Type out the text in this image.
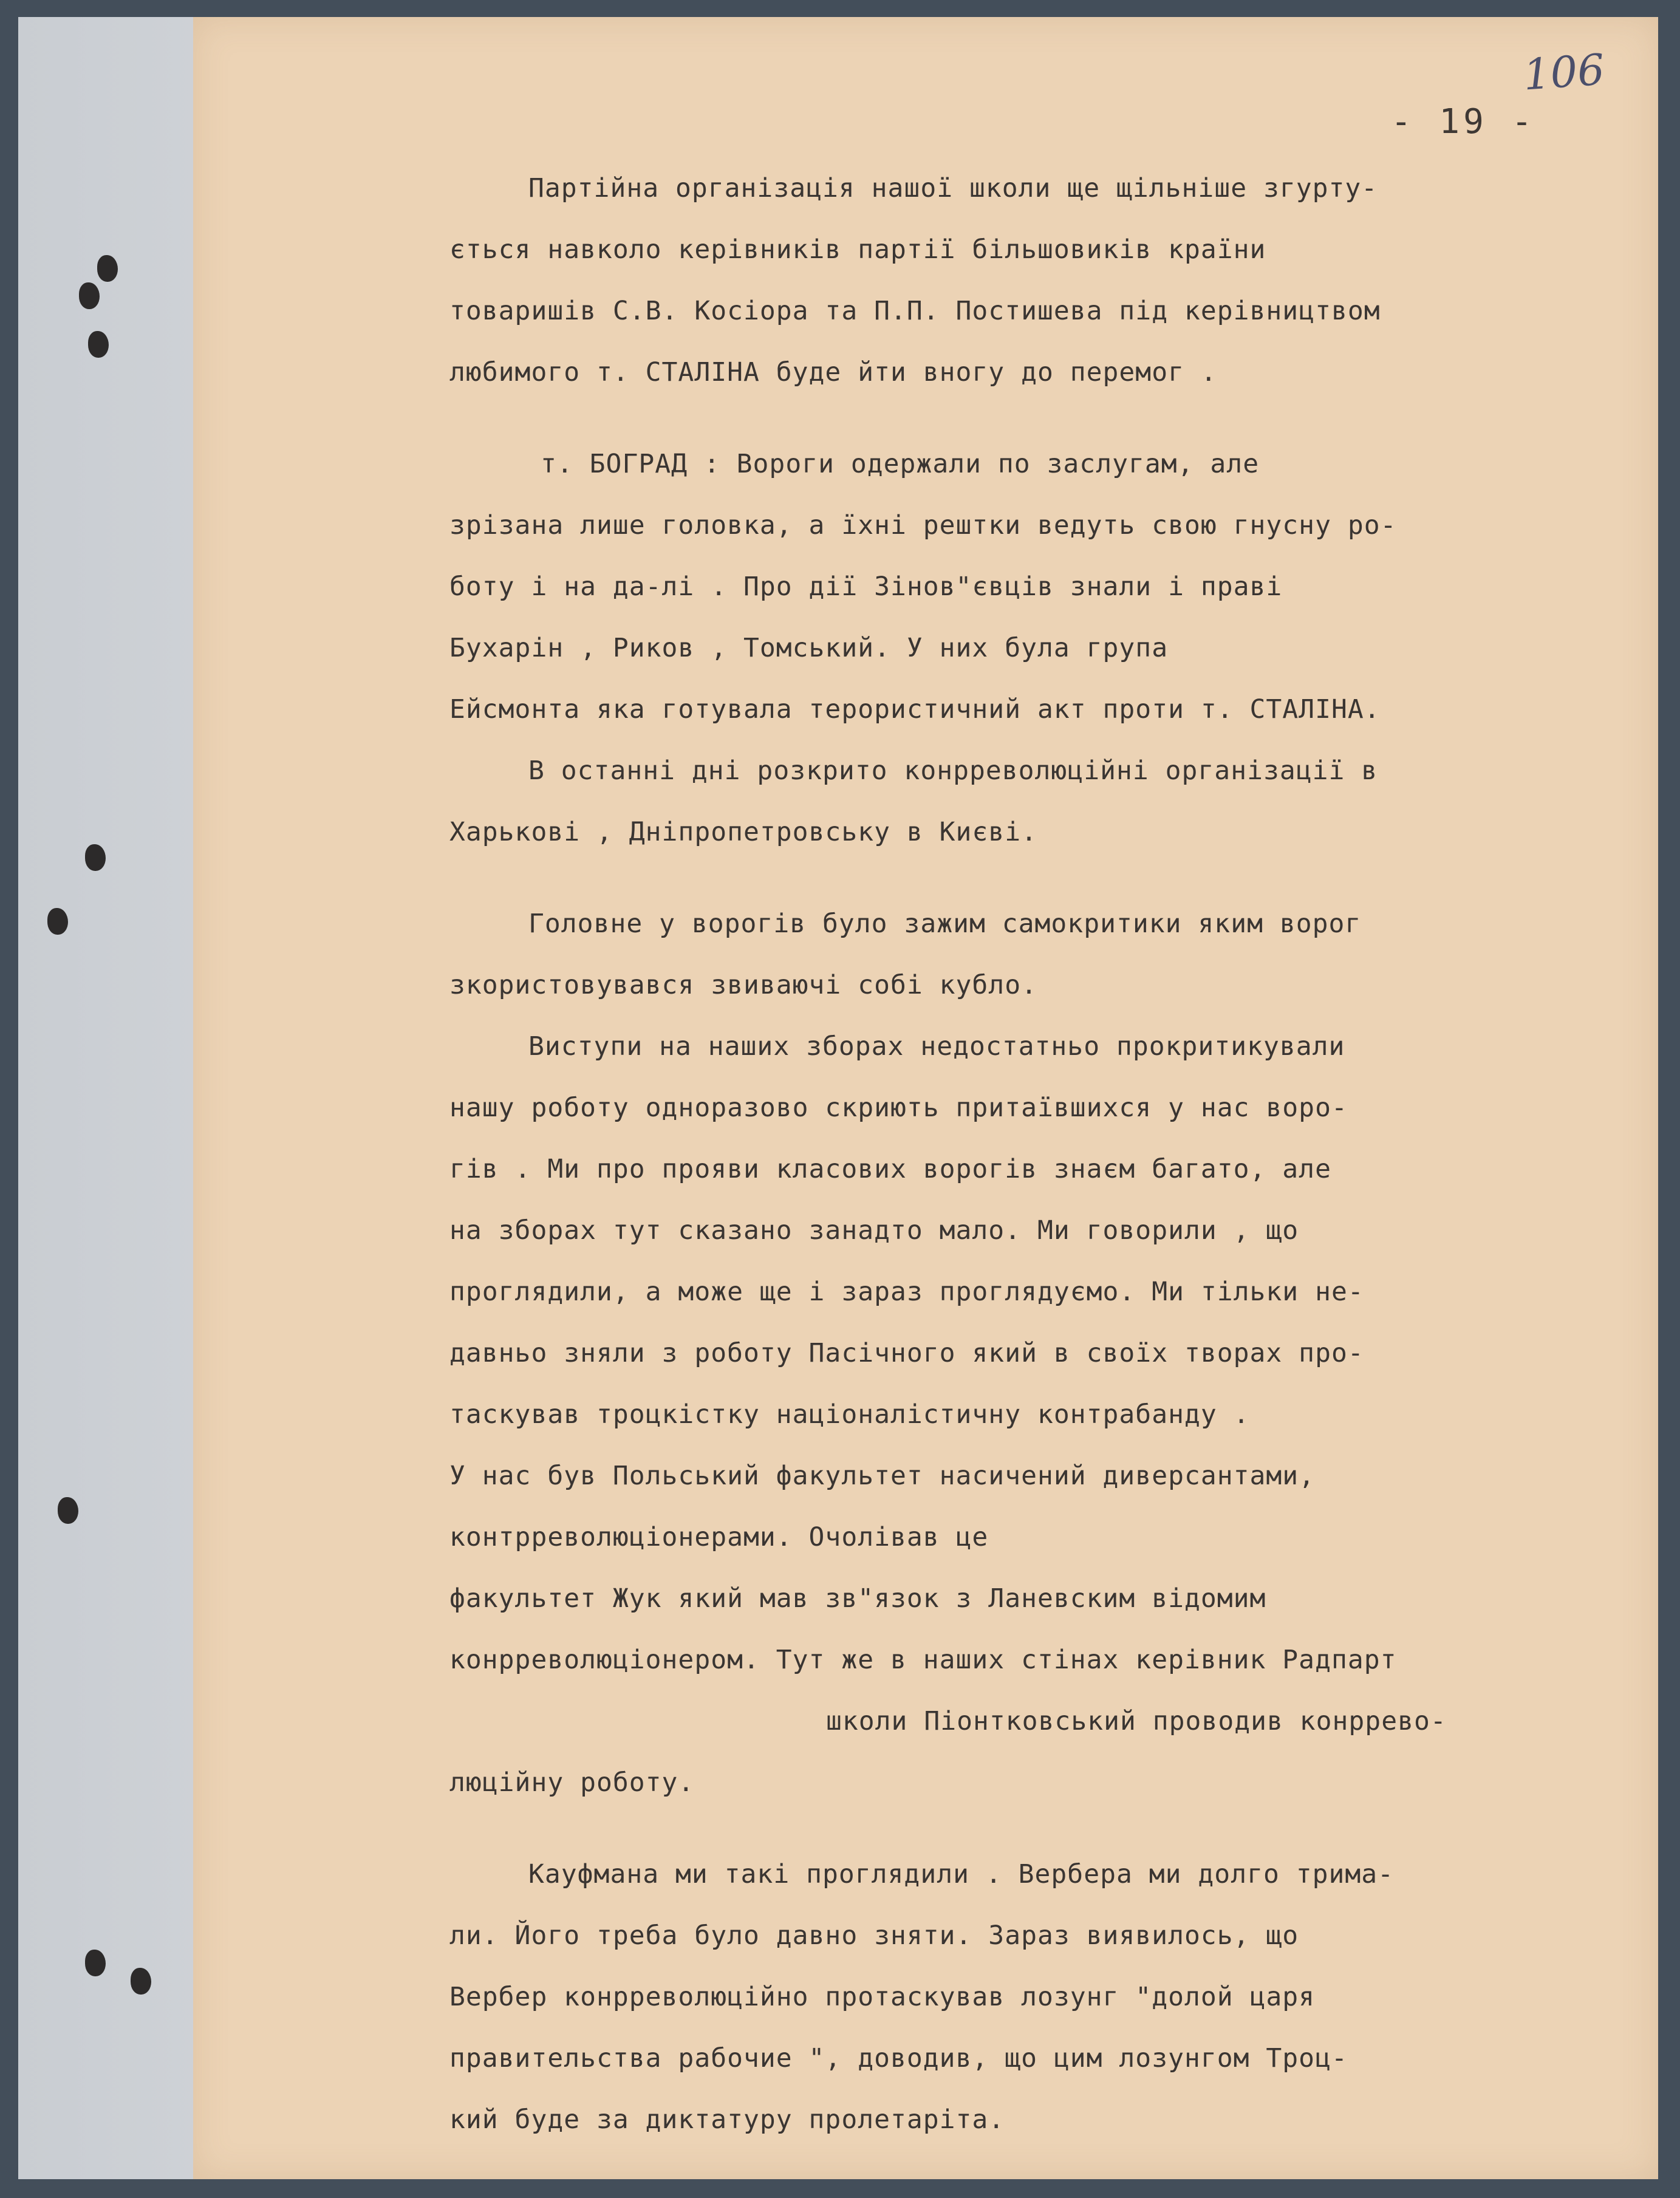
106
- 19 -
Партійна організація нашої школи ще щільніше згурту-
ється навколо керівників партії більшовиків країни
товаришів С.В. Косіора та П.П. Постишева під керівництвом
любимого т. СТАЛІНА буде йти вногу до перемог .
т. БОГРАД : Вороги одержали по заслугам, але
зрізана лише головка, а їхні рештки ведуть свою гнусну ро-
боту і на да-лі . Про дії Зінов"євців знали і праві
Бухарін , Риков , Томський. У них була група
Ейсмонта яка готувала терористичний акт проти т. СТАЛІНА.
В останні дні розкрито конрреволюційні організації в
Харькові , Дніпропетровську в Києві.
Головне у ворогів було зажим самокритики яким ворог
зкористовувався звиваючі собі кубло.
Виступи на наших зборах недостатньо прокритикували
нашу роботу одноразово скриють притаївшихся у нас воро-
гів . Ми про прояви класових ворогів знаєм багато, але
на зборах тут сказано занадто мало. Ми говорили , що
проглядили, а може ще і зараз проглядуємо. Ми тільки не-
давньо зняли з роботу Пасічного який в своїх творах про-
таскував троцкістку націоналістичну контрабанду .
У нас був Польський факультет насичений диверсантами,
контрреволюціонерами. Очолівав це
факультет Жук який мав зв"язок з Ланевским відомим
конрреволюціонером. Тут же в наших стінах керівник Радпарт
школи Піонтковський проводив конрревo-
люційну роботу.
Кауфмана ми такі проглядили . Вербера ми долго трима-
ли. Його треба було давно зняти. Зараз виявилось, що
Вербер конрреволюційно протаскував лозунг "долой царя
правительства рабочие ", доводив, що цим лозунгом Троц-
кий буде за диктатуру пролетаріта.
